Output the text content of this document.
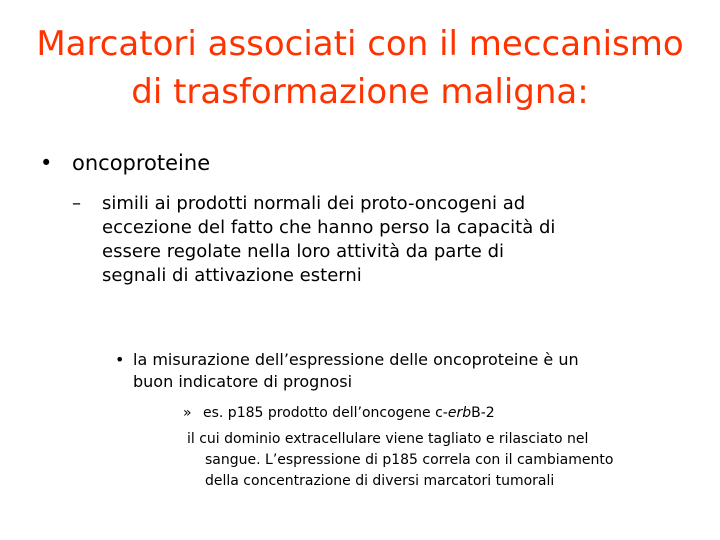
Marcatori associati con il meccanismo
di trasformazione maligna:
• oncoproteine
– simili ai prodotti normali dei proto-oncogeni ad
eccezione del fatto che hanno perso la capacità di
essere regolate nella loro attività da parte di
segnali di attivazione esterni
• la misurazione dell’espressione delle oncoproteine è un
buon indicatore di prognosi
» es. p185 prodotto dell’oncogene c-erbB-2
il cui dominio extracellulare viene tagliato e rilasciato nel
sangue. L’espressione di p185 correla con il cambiamento
della concentrazione di diversi marcatori tumorali
